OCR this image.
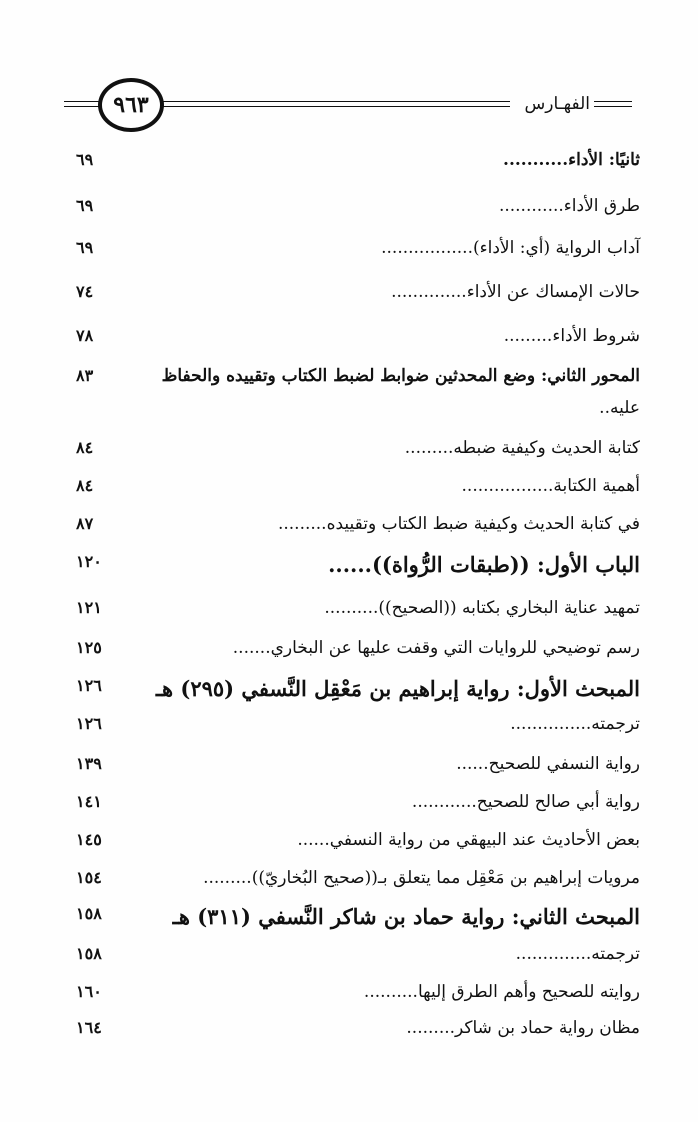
٩٦٣	الفهـارس
ثانيًا: الأداء...........
٦٩
طرق الأداء............
٦٩
آداب الرواية (أي: الأداء).................
٦٩
حالات الإمساك عن الأداء..............
٧٤
شروط الأداء.........
٧٨
المحور الثاني: وضع المحدثين ضوابط لضبط الكتاب وتقييده والحفاظ
٨٣
عليه..
كتابة الحديث وكيفية ضبطه.........
٨٤
أهمية الكتابة.................
٨٤
في كتابة الحديث وكيفية ضبط الكتاب وتقييده.........
٨٧
الباب الأول: ((طبقات الرُّواة))......
١٢٠
تمهيد عناية البخاري بكتابه ((الصحيح))..........
١٢١
رسم توضيحي للروايات التي وقفت عليها عن البخاري.......
١٢٥
المبحث الأول: رواية إبراهيم بن مَعْقِل النَّسفي (٢٩٥) هـ
١٢٦
ترجمته...............
١٢٦
رواية النسفي للصحيح......
١٣٩
رواية أبي صالح للصحيح............
١٤١
بعض الأحاديث عند البيهقي من رواية النسفي......
١٤٥
مرويات إبراهيم بن مَعْقِل مما يتعلق بـ((صحيح البُخاريّ)).........
١٥٤
المبحث الثاني: رواية حماد بن شاكر النَّسفي (٣١١) هـ
١٥٨
ترجمته..............
١٥٨
روايته للصحيح وأهم الطرق إليها..........
١٦٠
مظان رواية حماد بن شاكر.........
١٦٤
